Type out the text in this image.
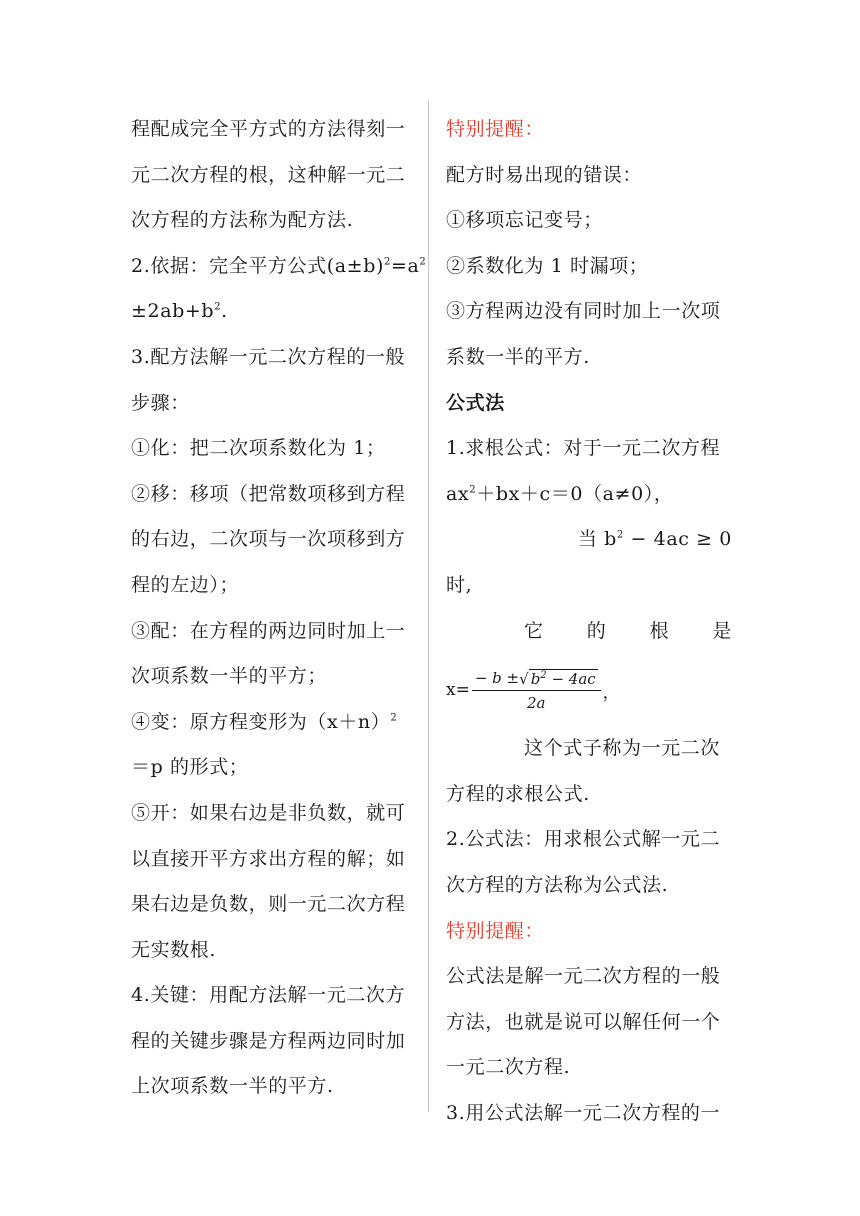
程配成完全平方式的方法得刻一
元二次方程的根，这种解一元二
次方程的方法称为配方法.
2.依据：完全平方公式$(a\pm b)^2=a^2$
$\pm 2ab+b^2$.
3.配方法解一元二次方程的一般
步骤：
①化：把二次项系数化为 1；
②移：移项（把常数项移到方程
的右边，二次项与一次项移到方
程的左边）；
③配：在方程的两边同时加上一
次项系数一半的平方；
④变：原方程变形为$(x+n)^2$
＝p 的形式；
⑤开：如果右边是非负数，就可
以直接开平方求出方程的解；如
果右边是负数，则一元二次方程
无实数根.
4.关键：用配方法解一元二次方
程的关键步骤是方程两边同时加
上次项系数一半的平方.
特别提醒：
配方时易出现的错误：
①移项忘记变号；
②系数化为 1 时漏项；
③方程两边没有同时加上一次项
系数一半的平方.
公式法
1.求根公式：对于一元二次方程
$ax^2+bx+c=0(a\ne 0)$，
当 $b^2 - 4ac \ge 0$
时,
它 的 根 是
$x= \frac{- b \pm √ b^2 - 4ac}{2a}$ ，
这个式子称为一元二次
方程的求根公式.
2.公式法：用求根公式解一元二
次方程的方法称为公式法.
特别提醒：
公式法是解一元二次方程的一般
方法，也就是说可以解任何一个
一元二次方程.
3.用公式法解一元二次方程的一
